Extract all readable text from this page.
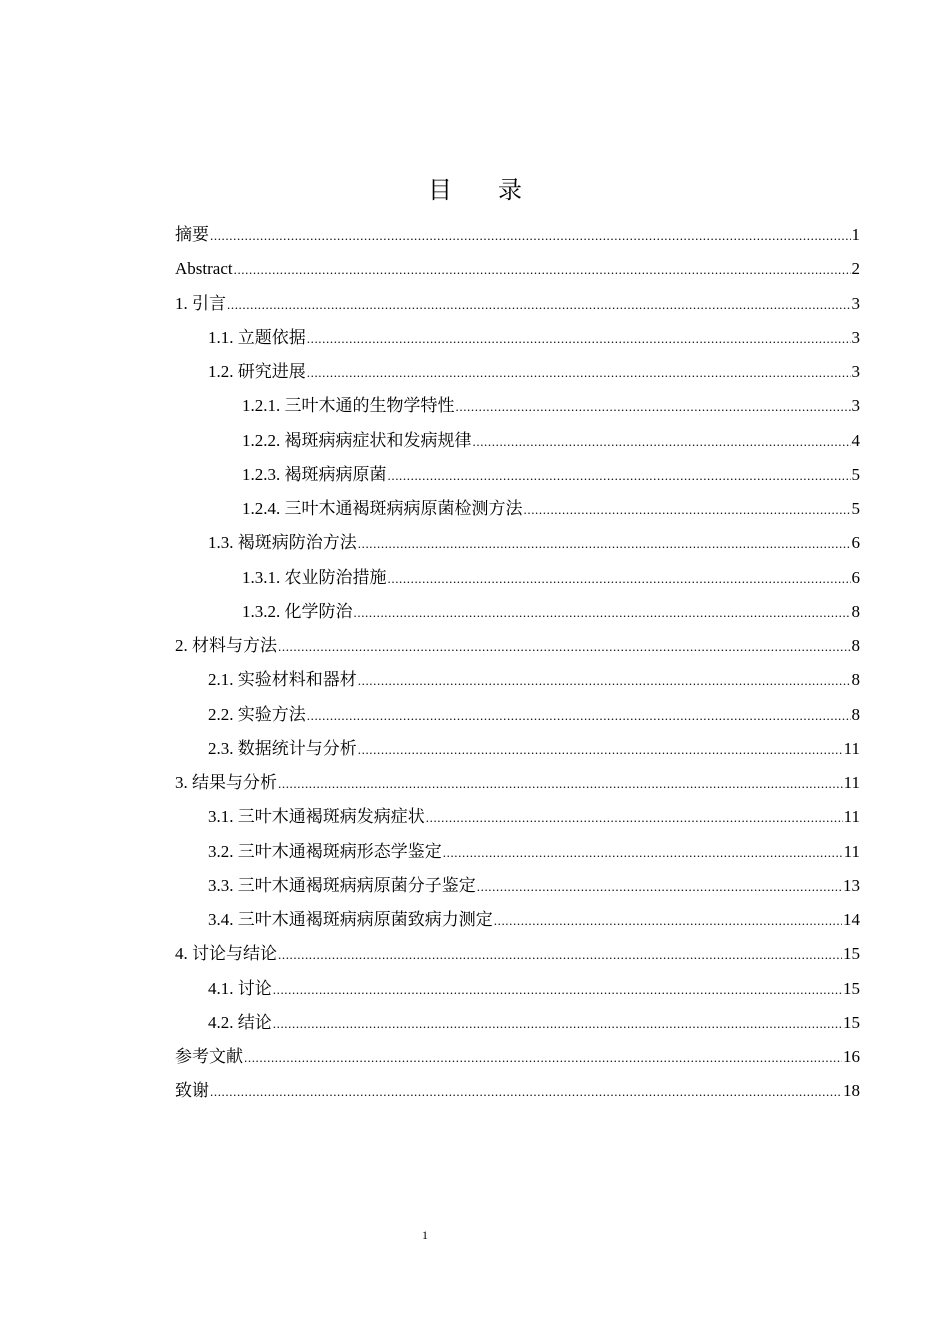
目 录
摘要 .....	1
Abstract .....	2
1. 引言 .....	3
1.1. 立题依据 .....	3
1.2. 研究进展 .....	3
1.2.1. 三叶木通的生物学特性 .....	3
1.2.2. 褐斑病病症状和发病规律 .....	4
1.2.3. 褐斑病病原菌 .....	5
1.2.4. 三叶木通褐斑病病原菌检测方法 .....	5
1.3. 褐斑病防治方法 .....	6
1.3.1. 农业防治措施 .....	6
1.3.2. 化学防治 .....	8
2. 材料与方法 .....	8
2.1. 实验材料和器材 .....	8
2.2. 实验方法 .....	8
2.3. 数据统计与分析 .....	11
3. 结果与分析 .....	11
3.1. 三叶木通褐斑病发病症状 .....	11
3.2. 三叶木通褐斑病形态学鉴定 .....	11
3.3. 三叶木通褐斑病病原菌分子鉴定 .....	13
3.4. 三叶木通褐斑病病原菌致病力测定 .....	14
4. 讨论与结论 .....	15
4.1. 讨论 .....	15
4.2. 结论 .....	15
参考文献 .....	16
致谢 .....	18
1
